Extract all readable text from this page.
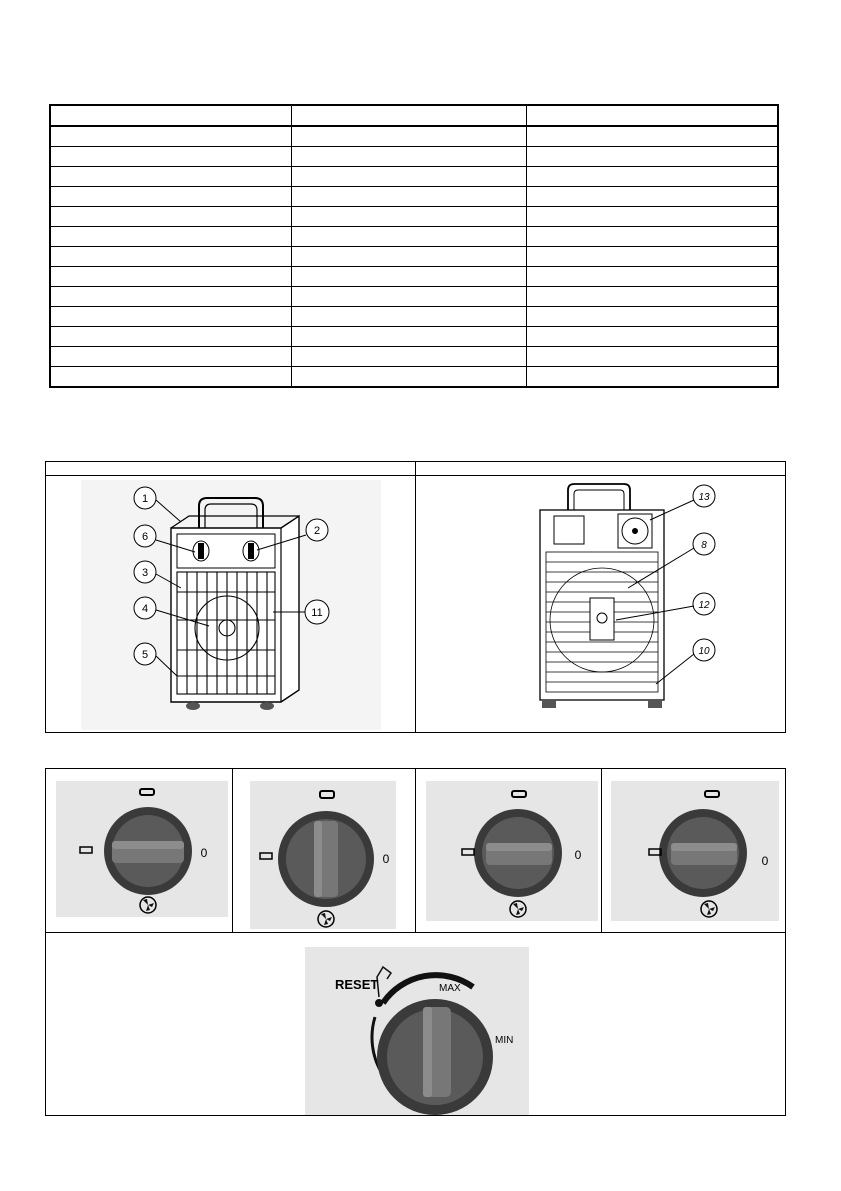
1
2
6
3
4	11
5
13
8
12
10
0	0	0	0
RESET	MAX
MIN
